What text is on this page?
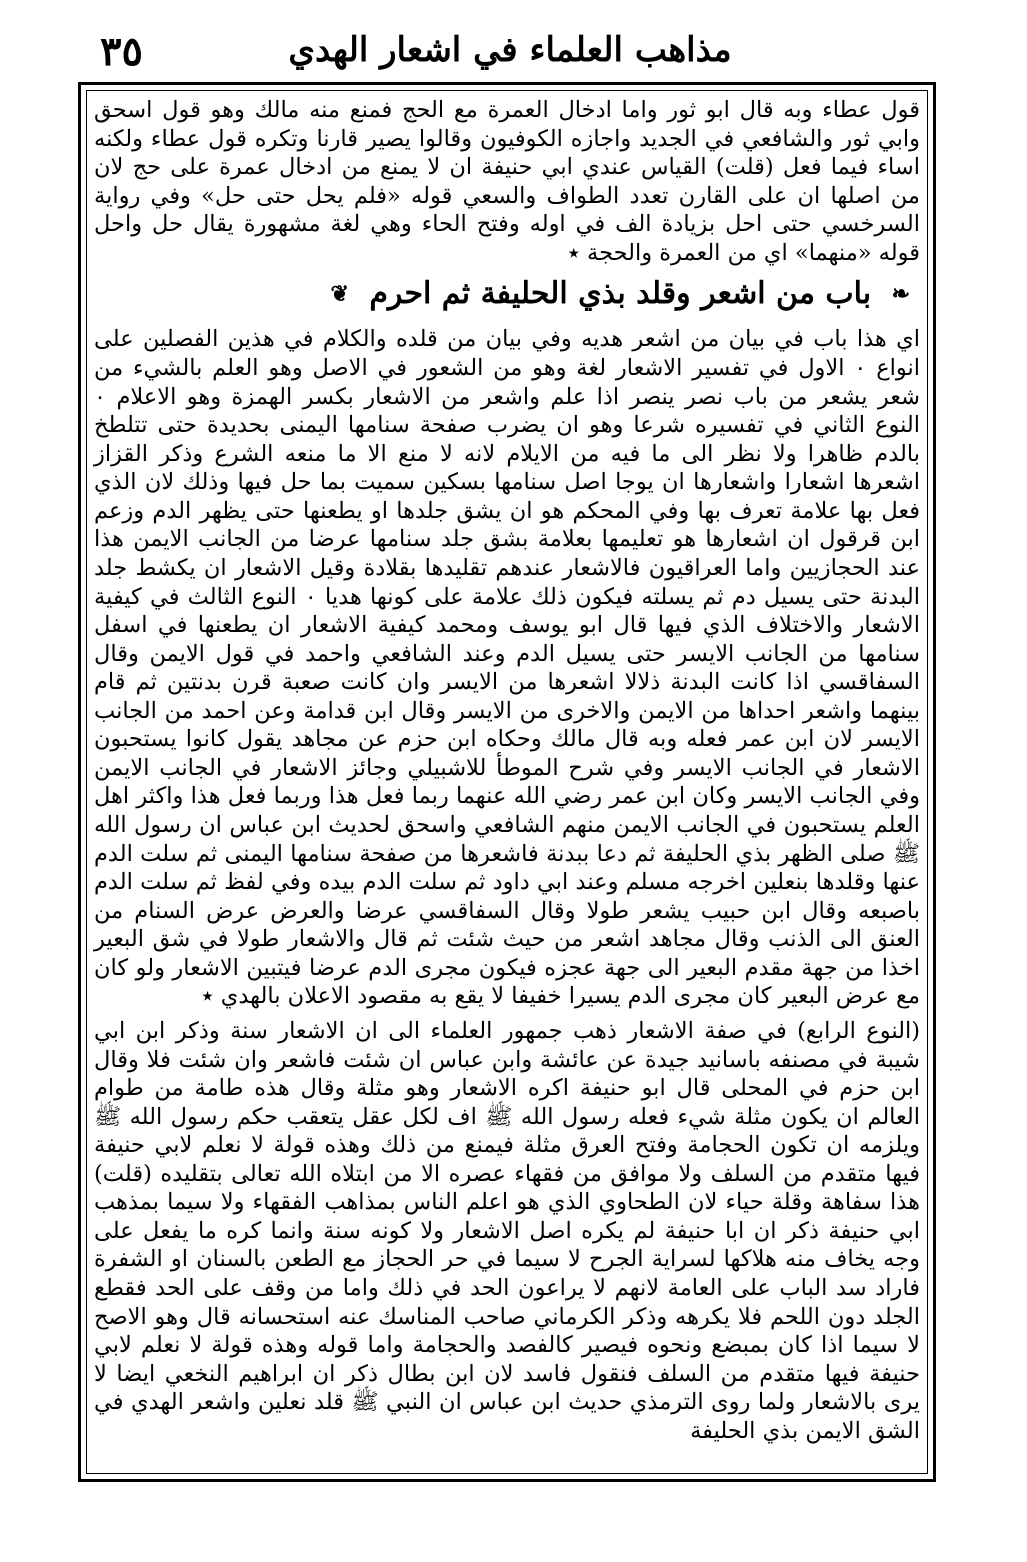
٣٥	مذاهب العلماء في اشعار الهدي

قول عطاء وبه قال ابو ثور واما ادخال العمرة مع الحج فمنع منه مالك وهو قول اسحق وابي ثور والشافعي في الجديد واجازه الكوفيون وقالوا يصير قارنا وتكره قول عطاء ولكنه اساء فيما فعل (قلت) القياس عندي ابي حنيفة ان لا يمنع من ادخال عمرة على حج لان من اصلها ان على القارن تعدد الطواف والسعي قوله «فلم يحل حتى حل» وفي رواية السرخسي حتى احل بزيادة الف في اوله وفتح الحاء وهي لغة مشهورة يقال حل واحل قوله «منهما» اي من العمرة والحجة ٭

❧ باب من اشعر وقلد بذي الحليفة ثم احرم ❦

اي هذا باب في بيان من اشعر هديه وفي بيان من قلده والكلام في هذين الفصلين على انواع ٠ الاول في تفسير الاشعار لغة وهو من الشعور في الاصل وهو العلم بالشيء من شعر يشعر من باب نصر ينصر اذا علم واشعر من الاشعار بكسر الهمزة وهو الاعلام ٠ النوع الثاني في تفسيره شرعا وهو ان يضرب صفحة سنامها اليمنى بحديدة حتى تتلطخ بالدم ظاهرا ولا نظر الى ما فيه من الايلام لانه لا منع الا ما منعه الشرع وذكر القزاز اشعرها اشعارا واشعارها ان يوجا اصل سنامها بسكين سميت بما حل فيها وذلك لان الذي فعل بها علامة تعرف بها وفي المحكم هو ان يشق جلدها او يطعنها حتى يظهر الدم وزعم ابن قرقول ان اشعارها هو تعليمها بعلامة بشق جلد سنامها عرضا من الجانب الايمن هذا عند الحجازيين واما العراقيون فالاشعار عندهم تقليدها بقلادة وقيل الاشعار ان يكشط جلد البدنة حتى يسيل دم ثم يسلته فيكون ذلك علامة على كونها هديا ٠ النوع الثالث في كيفية الاشعار والاختلاف الذي فيها قال ابو يوسف ومحمد كيفية الاشعار ان يطعنها في اسفل سنامها من الجانب الايسر حتى يسيل الدم وعند الشافعي واحمد في قول الايمن وقال السفاقسي اذا كانت البدنة ذلالا اشعرها من الايسر وان كانت صعبة قرن بدنتين ثم قام بينهما واشعر احداها من الايمن والاخرى من الايسر وقال ابن قدامة وعن احمد من الجانب الايسر لان ابن عمر فعله وبه قال مالك وحكاه ابن حزم عن مجاهد يقول كانوا يستحبون الاشعار في الجانب الايسر وفي شرح الموطأ للاشبيلي وجائز الاشعار في الجانب الايمن وفي الجانب الايسر وكان ابن عمر رضي الله عنهما ربما فعل هذا وربما فعل هذا واكثر اهل العلم يستحبون في الجانب الايمن منهم الشافعي واسحق لحديث ابن عباس ان رسول الله ﷺ صلى الظهر بذي الحليفة ثم دعا ببدنة فاشعرها من صفحة سنامها اليمنى ثم سلت الدم عنها وقلدها بنعلين اخرجه مسلم وعند ابي داود ثم سلت الدم بيده وفي لفظ ثم سلت الدم باصبعه وقال ابن حبيب يشعر طولا وقال السفاقسي عرضا والعرض عرض السنام من العنق الى الذنب وقال مجاهد اشعر من حيث شئت ثم قال والاشعار طولا في شق البعير اخذا من جهة مقدم البعير الى جهة عجزه فيكون مجرى الدم عرضا فيتبين الاشعار ولو كان مع عرض البعير كان مجرى الدم يسيرا خفيفا لا يقع به مقصود الاعلان بالهدي ٭

(النوع الرابع) في صفة الاشعار ذهب جمهور العلماء الى ان الاشعار سنة وذكر ابن ابي شيبة في مصنفه باسانيد جيدة عن عائشة وابن عباس ان شئت فاشعر وان شئت فلا وقال ابن حزم في المحلى قال ابو حنيفة اكره الاشعار وهو مثلة وقال هذه طامة من طوام العالم ان يكون مثلة شيء فعله رسول الله ﷺ اف لكل عقل يتعقب حكم رسول الله ﷺ ويلزمه ان تكون الحجامة وفتح العرق مثلة فيمنع من ذلك وهذه قولة لا نعلم لابي حنيفة فيها متقدم من السلف ولا موافق من فقهاء عصره الا من ابتلاه الله تعالى بتقليده (قلت) هذا سفاهة وقلة حياء لان الطحاوي الذي هو اعلم الناس بمذاهب الفقهاء ولا سيما بمذهب ابي حنيفة ذكر ان ابا حنيفة لم يكره اصل الاشعار ولا كونه سنة وانما كره ما يفعل على وجه يخاف منه هلاكها لسراية الجرح لا سيما في حر الحجاز مع الطعن بالسنان او الشفرة فاراد سد الباب على العامة لانهم لا يراعون الحد في ذلك واما من وقف على الحد فقطع الجلد دون اللحم فلا يكرهه وذكر الكرماني صاحب المناسك عنه استحسانه قال وهو الاصح لا سيما اذا كان بمبضع ونحوه فيصير كالفصد والحجامة واما قوله وهذه قولة لا نعلم لابي حنيفة فيها متقدم من السلف فنقول فاسد لان ابن بطال ذكر ان ابراهيم النخعي ايضا لا يرى بالاشعار ولما روى الترمذي حديث ابن عباس ان النبي ﷺ قلد نعلين واشعر الهدي في الشق الايمن بذي الحليفة
